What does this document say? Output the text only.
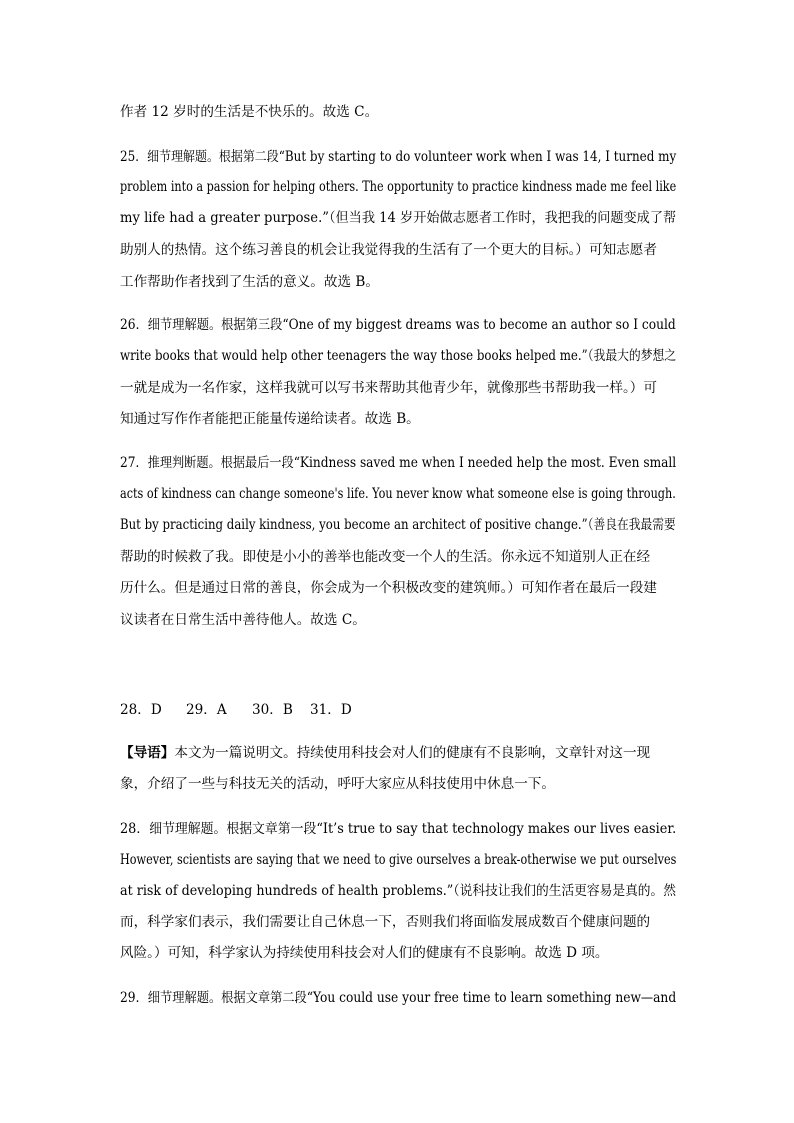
作者 12 岁时的生活是不快乐的。故选 C。
25．细节理解题。根据第二段“But by starting to do volunteer work when I was 14, I turned my
problem into a passion for helping others. The opportunity to practice kindness made me feel like
my life had a greater purpose.”（但当我 14 岁开始做志愿者工作时，我把我的问题变成了帮
助别人的热情。这个练习善良的机会让我觉得我的生活有了一个更大的目标。）可知志愿者
工作帮助作者找到了生活的意义。故选 B。
26．细节理解题。根据第三段“One of my biggest dreams was to become an author so I could
write books that would help other teenagers the way those books helped me.”（我最大的梦想之
一就是成为一名作家，这样我就可以写书来帮助其他青少年，就像那些书帮助我一样。）可
知通过写作作者能把正能量传递给读者。故选 B。
27．推理判断题。根据最后一段“Kindness saved me when I needed help the most. Even small
acts of kindness can change someone's life. You never know what someone else is going through.
But by practicing daily kindness, you become an architect of positive change.”（善良在我最需要
帮助的时候救了我。即使是小小的善举也能改变一个人的生活。你永远不知道别人正在经
历什么。但是通过日常的善良，你会成为一个积极改变的建筑师。）可知作者在最后一段建
议读者在日常生活中善待他人。故选 C。
28．D 29．A 30．B 31．D
【导语】本文为一篇说明文。持续使用科技会对人们的健康有不良影响，文章针对这一现
象，介绍了一些与科技无关的活动，呼吁大家应从科技使用中休息一下。
28．细节理解题。根据文章第一段“It’s true to say that technology makes our lives easier.
However, scientists are saying that we need to give ourselves a break-otherwise we put ourselves
at risk of developing hundreds of health problems.”（说科技让我们的生活更容易是真的。然
而，科学家们表示，我们需要让自己休息一下，否则我们将面临发展成数百个健康问题的
风险。）可知，科学家认为持续使用科技会对人们的健康有不良影响。故选 D 项。
29．细节理解题。根据文章第二段“You could use your free time to learn something new—and
